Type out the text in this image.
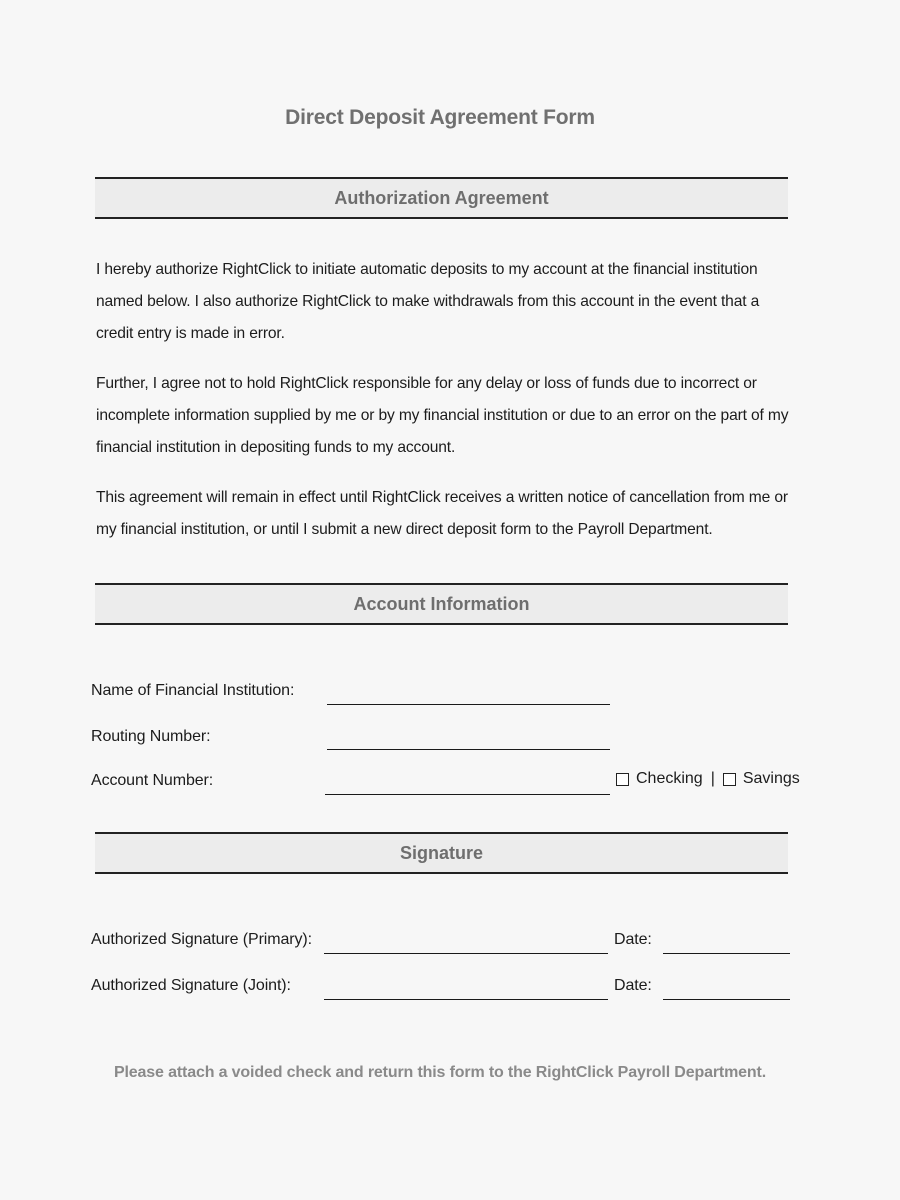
Direct Deposit Agreement Form
Authorization Agreement

I hereby authorize RightClick to initiate automatic deposits to my account at the financial institution named below. I also authorize RightClick to make withdrawals from this account in the event that a credit entry is made in error.

Further, I agree not to hold RightClick responsible for any delay or loss of funds due to incorrect or incomplete information supplied by me or by my financial institution or due to an error on the part of my financial institution in depositing funds to my account.

This agreement will remain in effect until RightClick receives a written notice of cancellation from me or my financial institution, or until I submit a new direct deposit form to the Payroll Department.

Account Information
Name of Financial Institution:
Routing Number:
Account Number:	Checking | Savings
Signature
Authorized Signature (Primary):	Date:
Authorized Signature (Joint):	Date:
Please attach a voided check and return this form to the RightClick Payroll Department.
